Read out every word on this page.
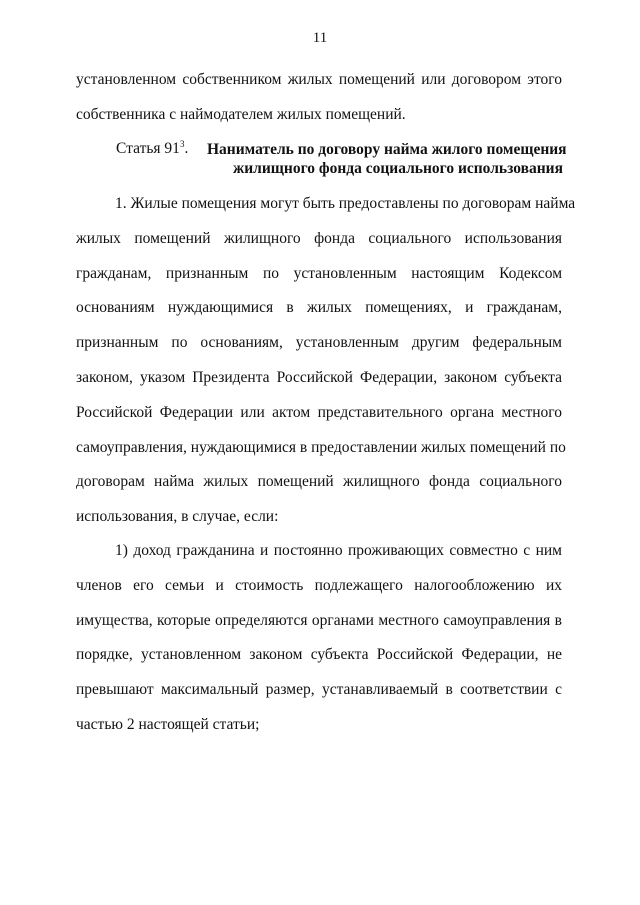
11
установленном собственником жилых помещений или договором этого
собственника с наймодателем жилых помещений.
Статья $91^3$. Наниматель по договору найма жилого помещения
жилищного фонда социального использования
1. Жилые помещения могут быть предоставлены по договорам найма
жилых помещений жилищного фонда социального использования
гражданам, признанным по установленным настоящим Кодексом
основаниям нуждающимися в жилых помещениях, и гражданам,
признанным по основаниям, установленным другим федеральным
законом, указом Президента Российской Федерации, законом субъекта
Российской Федерации или актом представительного органа местного
самоуправления, нуждающимися в предоставлении жилых помещений по
договорам найма жилых помещений жилищного фонда социального
использования, в случае, если:
1) доход гражданина и постоянно проживающих совместно с ним
членов его семьи и стоимость подлежащего налогообложению их
имущества, которые определяются органами местного самоуправления в
порядке, установленном законом субъекта Российской Федерации, не
превышают максимальный размер, устанавливаемый в соответствии с
частью 2 настоящей статьи;
